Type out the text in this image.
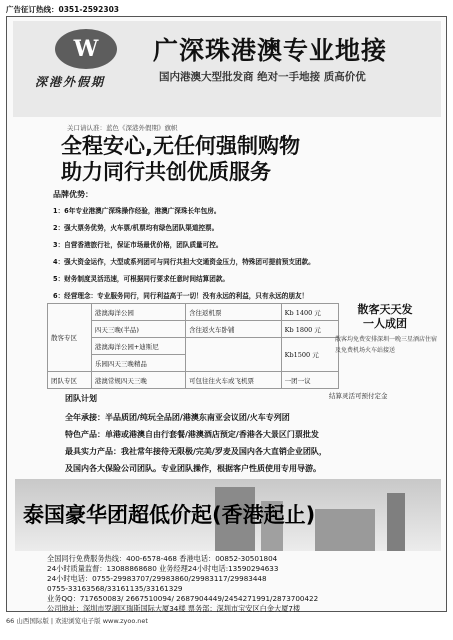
广告征订热线：0351-2592303
W
深港外假期
广深珠港澳专业地接
国内港澳大型批发商 绝对一手地接 质高价优
关口请认准：蓝色《深港外假期》旗帜
全程安心,无任何强制购物
助力同行共创优质服务
品牌优势：
1：6年专业港澳广深珠操作经验，港澳广深珠长年包房。
2：强大票务优势，火车票/机票均有绿色团队渠道控票。
3：自营香港旅行社，保证市场最优价格，团队质量可控。
4：强大资金运作，大型或系列团可与同行共担大交通资金压力，特殊团可提前预支团款。
5：财务制度灵活迅速，可根据同行要求任意时间结算团款。
6：经营理念：专业服务同行，同行利益高于一切！没有永远的利益，只有永远的朋友！
散客专区	港澳海洋公园	含往返机票	Kb 1400 元
	四天三晚(半品)	含往返火车卧铺	Kb 1800 元
	港澳海洋公园+迪斯尼		Kb1500 元
	乐园四天三晚精品		
团队专区	港澳常规四天三晚	可包往往火车或飞机票	一团一议
散客天天发
一人成团
散客均免费安排深圳一晚三星酒店住宿及免费机场火车站接送
结算灵活可预付定金
团队计划
全年承接：半品质团/纯玩全品团/港澳东南亚会议团/火车专列团
特色产品：单港或港澳自由行套餐/港澳酒店预定/香港各大景区门票批发
最具实力产品：我社常年接待无限极/完美/罗麦及国内各大直销企业团队，
及国内各大保险公司团队。专业团队操作，根据客户性质使用专用导游。
泰国豪华团超低价起(香港起止)
全国同行免费服务热线：400-6578-468 香港电话：00852-30501804
24小时质量监督：13088868680 业务经理24小时电话:13590294633
24小时电话：0755-29983707/29983860/29983117/29983448
0755-33163568/33161135/33161329
业务QQ：717650083/ 2667510094/ 2687904449/2454271991/2873700422
公司地址：深圳市罗湖区瑞斯国际大厦34楼 票务部：深圳市宝安区白金大厦7楼
66 山西国际版 | 欢迎浏览电子版 www.zyoo.net
